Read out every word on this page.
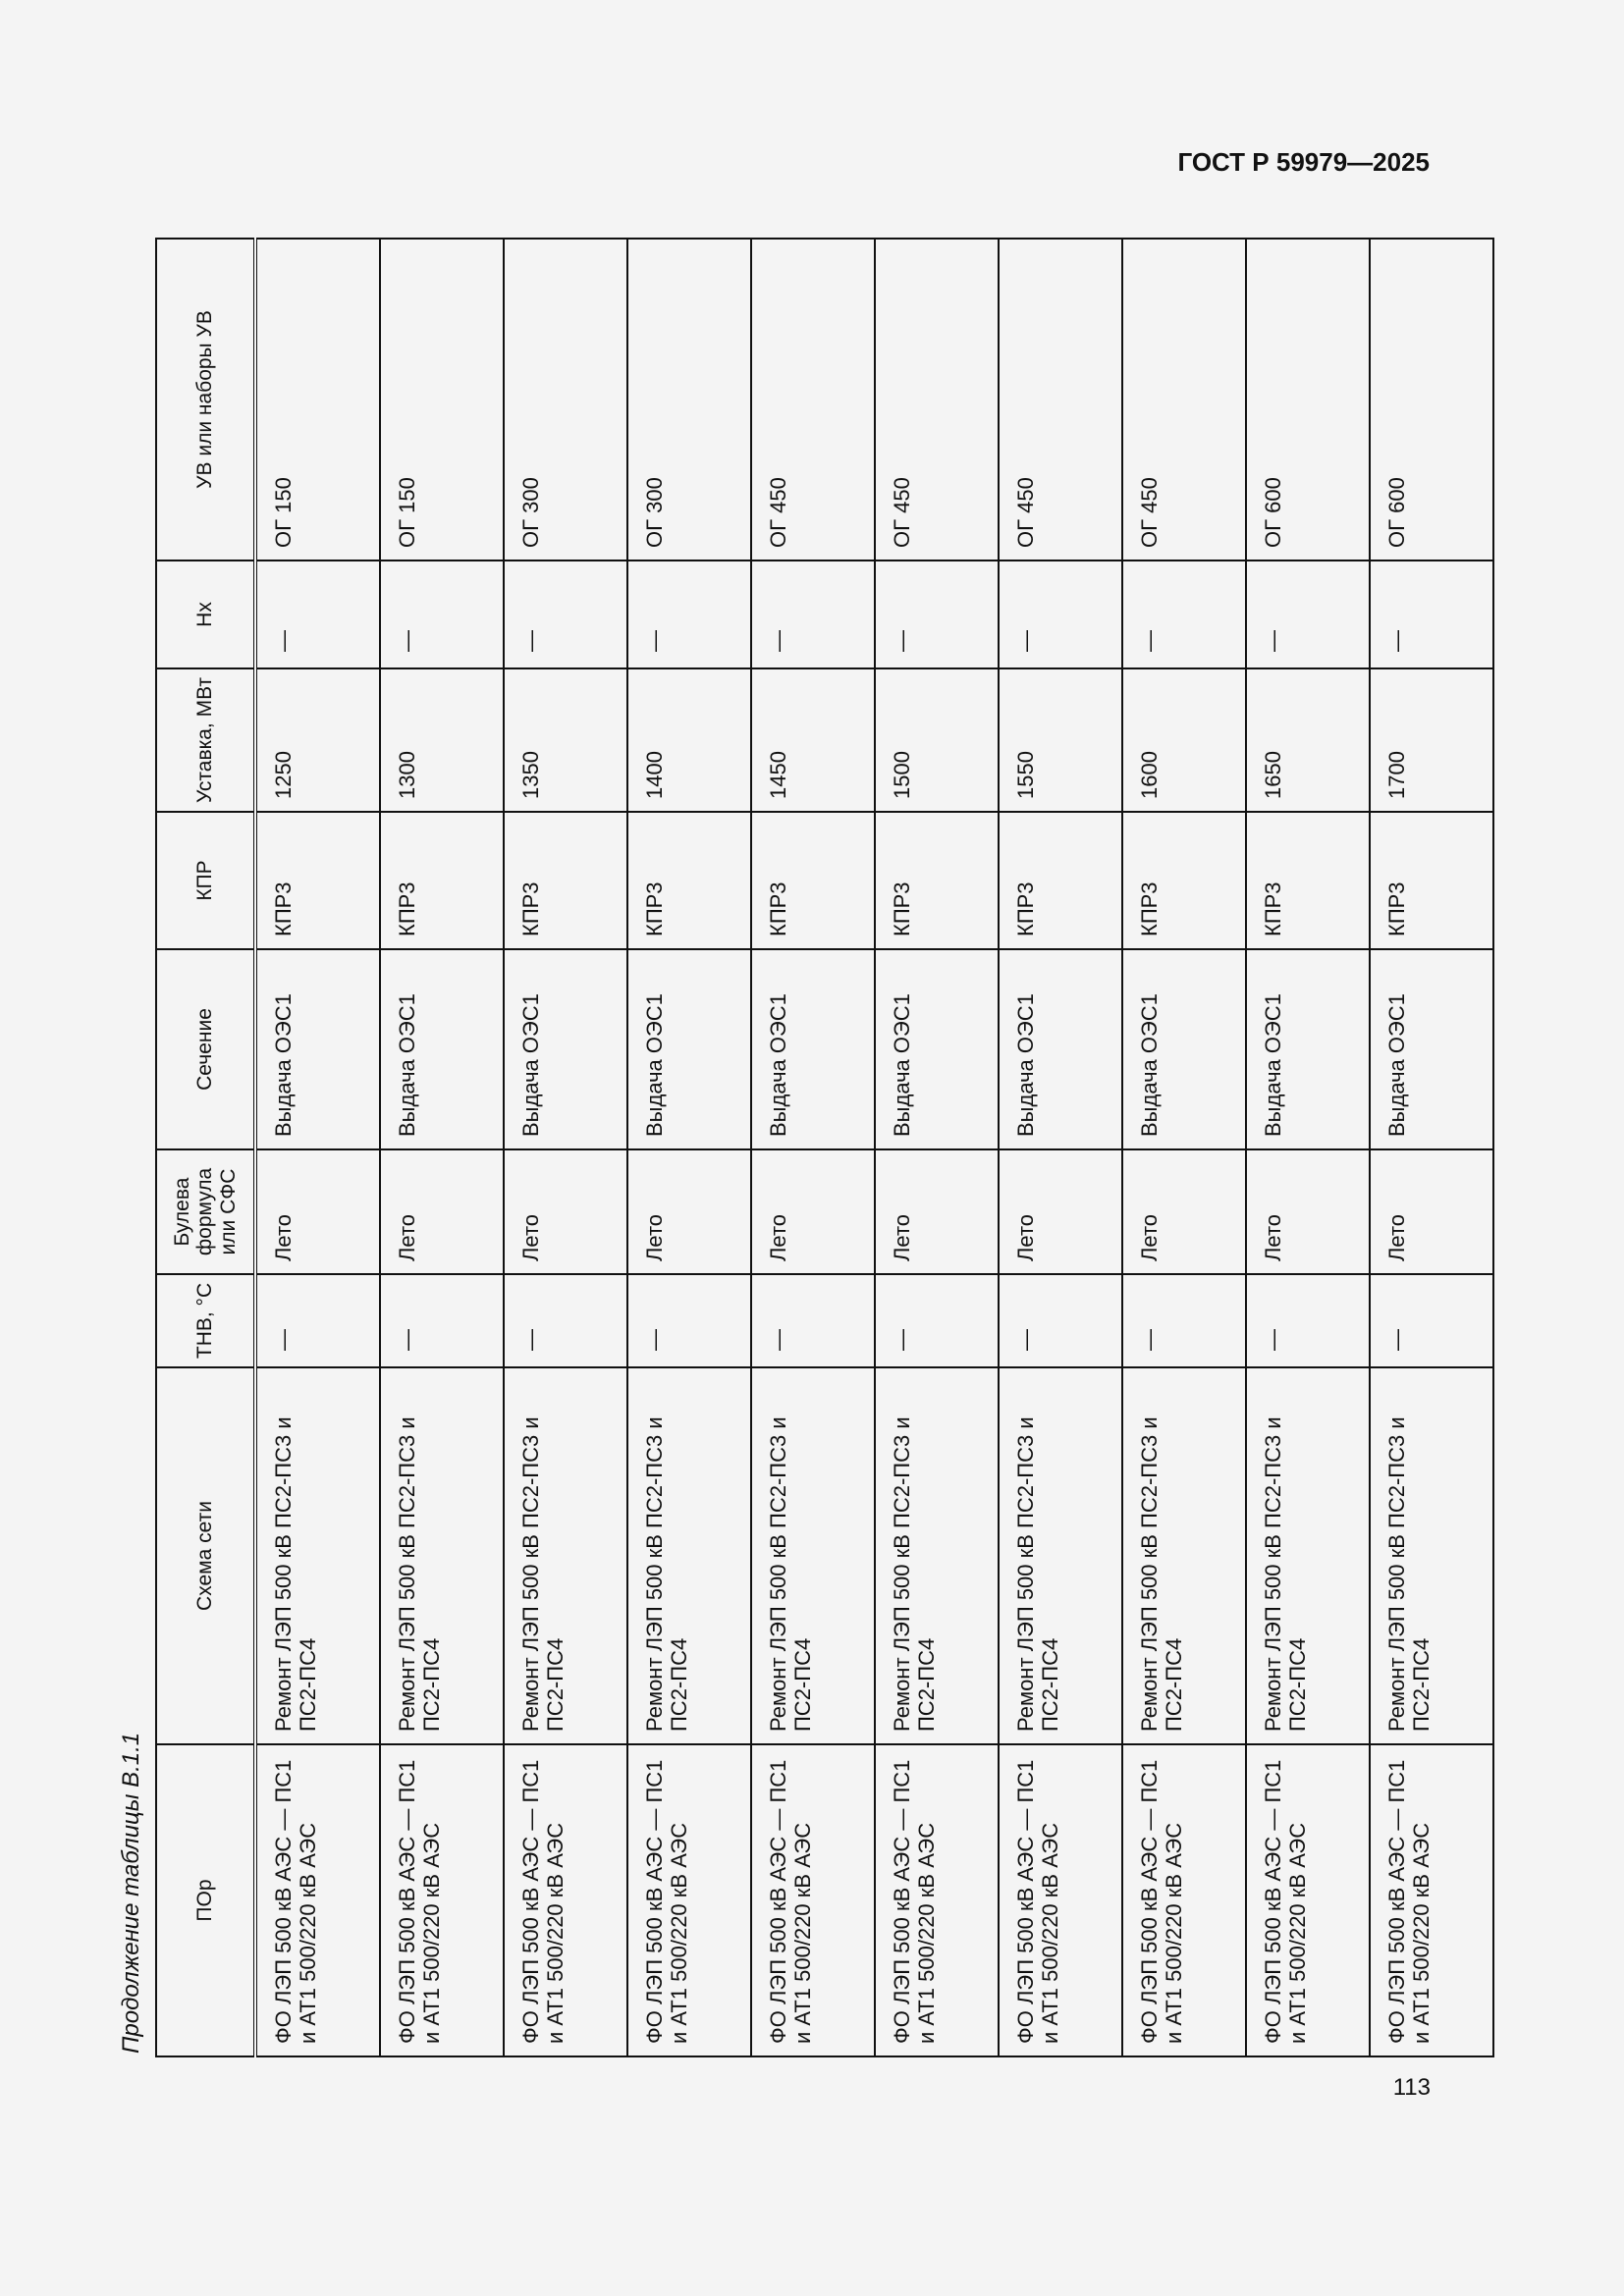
ГОСТ Р 59979—2025
Продолжение таблицы В.1.1 ПОр	Схема сети	ТНВ, °С	Булева формула или СФС	Сечение	КПР	Уставка, МВт	Нх	УВ или наборы УВ
ФО ЛЭП 500 кВ АЭС — ПС1 и АТ1 500/220 кВ АЭС	Ремонт ЛЭП 500 кВ ПС2-ПС3 и ПС2-ПС4	—	Лето	Выдача ОЭС1	КПР3	1250	—	ОГ 150
ФО ЛЭП 500 кВ АЭС — ПС1 и АТ1 500/220 кВ АЭС	Ремонт ЛЭП 500 кВ ПС2-ПС3 и ПС2-ПС4	—	Лето	Выдача ОЭС1	КПР3	1300	—	ОГ 150
ФО ЛЭП 500 кВ АЭС — ПС1 и АТ1 500/220 кВ АЭС	Ремонт ЛЭП 500 кВ ПС2-ПС3 и ПС2-ПС4	—	Лето	Выдача ОЭС1	КПР3	1350	—	ОГ 300
ФО ЛЭП 500 кВ АЭС — ПС1 и АТ1 500/220 кВ АЭС	Ремонт ЛЭП 500 кВ ПС2-ПС3 и ПС2-ПС4	—	Лето	Выдача ОЭС1	КПР3	1400	—	ОГ 300
ФО ЛЭП 500 кВ АЭС — ПС1 и АТ1 500/220 кВ АЭС	Ремонт ЛЭП 500 кВ ПС2-ПС3 и ПС2-ПС4	—	Лето	Выдача ОЭС1	КПР3	1450	—	ОГ 450
ФО ЛЭП 500 кВ АЭС — ПС1 и АТ1 500/220 кВ АЭС	Ремонт ЛЭП 500 кВ ПС2-ПС3 и ПС2-ПС4	—	Лето	Выдача ОЭС1	КПР3	1500	—	ОГ 450
ФО ЛЭП 500 кВ АЭС — ПС1 и АТ1 500/220 кВ АЭС	Ремонт ЛЭП 500 кВ ПС2-ПС3 и ПС2-ПС4	—	Лето	Выдача ОЭС1	КПР3	1550	—	ОГ 450
ФО ЛЭП 500 кВ АЭС — ПС1 и АТ1 500/220 кВ АЭС	Ремонт ЛЭП 500 кВ ПС2-ПС3 и ПС2-ПС4	—	Лето	Выдача ОЭС1	КПР3	1600	—	ОГ 450
ФО ЛЭП 500 кВ АЭС — ПС1 и АТ1 500/220 кВ АЭС	Ремонт ЛЭП 500 кВ ПС2-ПС3 и ПС2-ПС4	—	Лето	Выдача ОЭС1	КПР3	1650	—	ОГ 600
ФО ЛЭП 500 кВ АЭС — ПС1 и АТ1 500/220 кВ АЭС	Ремонт ЛЭП 500 кВ ПС2-ПС3 и ПС2-ПС4	—	Лето	Выдача ОЭС1	КПР3	1700	—	ОГ 600
113
